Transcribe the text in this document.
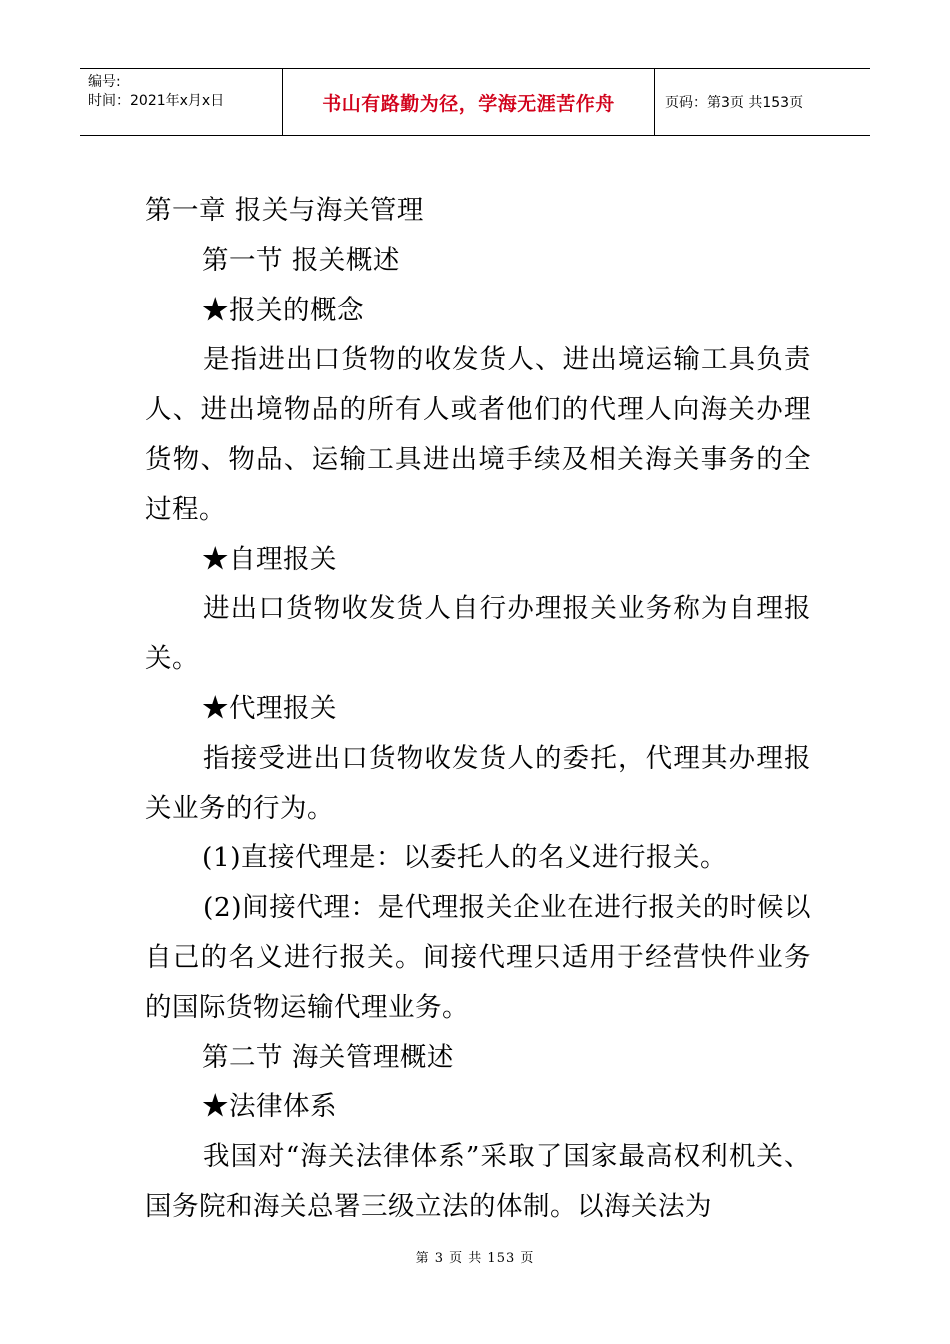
编号:
时间：2021年x月x日	书山有路勤为径，学海无涯苦作舟	页码：第3页 共153页
第一章 报关与海关管理
第一节 报关概述
★报关的概念

是指进出口货物的收发货人、进出境运输工具负责人、进出境物品的所有人或者他们的代理人向海关办理货物、物品、运输工具进出境手续及相关海关事务的全过程。

★自理报关

进出口货物收发货人自行办理报关业务称为自理报关。

★代理报关

指接受进出口货物收发货人的委托，代理其办理报关业务的行为。

(1)直接代理是：以委托人的名义进行报关。

(2)间接代理：是代理报关企业在进行报关的时候以自己的名义进行报关。间接代理只适用于经营快件业务的国际货物运输代理业务。

第二节 海关管理概述
★法律体系

我国对“海关法律体系”采取了国家最高权利机关、国务院和海关总署三级立法的体制。以海关法为

第 3 页 共 153 页
